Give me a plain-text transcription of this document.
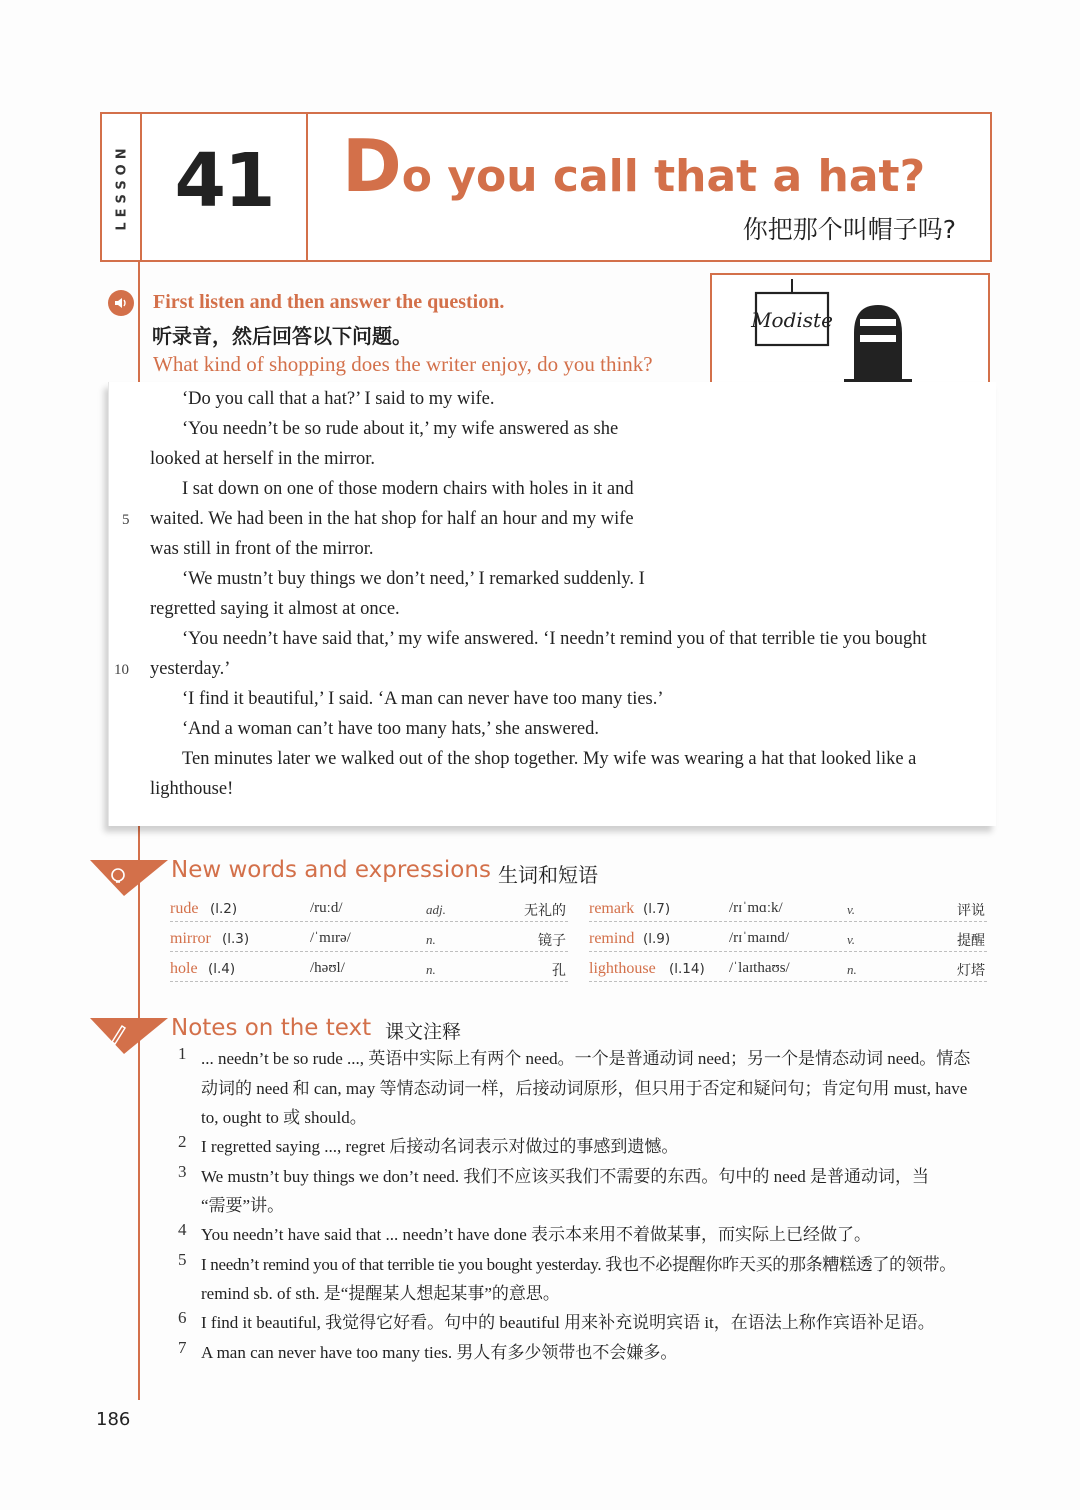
LESSON 41 Do you call that a hat?
你把那个叫帽子吗?
First listen and then answer the question.
听录音，然后回答以下问题。
What kind of shopping does the writer enjoy, do you think?
Modiste
‘Do you call that a hat?’ I said to my wife.
‘You needn’t be so rude about it,’ my wife answered as she
looked at herself in the mirror.
I sat down on one of those modern chairs with holes in it and
5 waited. We had been in the hat shop for half an hour and my wife
was still in front of the mirror.
‘We mustn’t buy things we don’t need,’ I remarked suddenly. I
regretted saying it almost at once.
‘You needn’t have said that,’ my wife answered. ‘I needn’t remind you of that terrible tie you bought
10 yesterday.’
‘I find it beautiful,’ I said. ‘A man can never have too many ties.’
‘And a woman can’t have too many hats,’ she answered.
Ten minutes later we walked out of the shop together. My wife was wearing a hat that looked like a
lighthouse!
New words and expressions 生词和短语
rude (l.2)	/ruːd/	adj.	无礼的
mirror (l.3)	/ˈmɪrə/	n.	镜子
hole (l.4)	/həʊl/	n.	孔
remark (l.7)	/rɪˈmɑːk/	v.	评说
remind (l.9)	/rɪˈmaɪnd/	v.	提醒
lighthouse (l.14) /ˈlaɪthaʊs/	n.	灯塔
Notes on the text 课文注释
1 ... needn’t be so rude ..., 英语中实际上有两个 need。一个是普通动词 need；另一个是情态动词 need。情态
动词的 need 和 can, may 等情态动词一样，后接动词原形，但只用于否定和疑问句；肯定句用 must, have
to, ought to 或 should。
2 I regretted saying ..., regret 后接动名词表示对做过的事感到遗憾。
3 We mustn’t buy things we don’t need. 我们不应该买我们不需要的东西。句中的 need 是普通动词，当
“需要”讲。
4 You needn’t have said that ... needn’t have done 表示本来用不着做某事，而实际上已经做了。
5 I needn’t remind you of that terrible tie you bought yesterday. 我也不必提醒你昨天买的那条糟糕透了的领带。
remind sb. of sth. 是“提醒某人想起某事”的意思。
6 I find it beautiful, 我觉得它好看。句中的 beautiful 用来补充说明宾语 it，在语法上称作宾语补足语。
7 A man can never have too many ties. 男人有多少领带也不会嫌多。
186
